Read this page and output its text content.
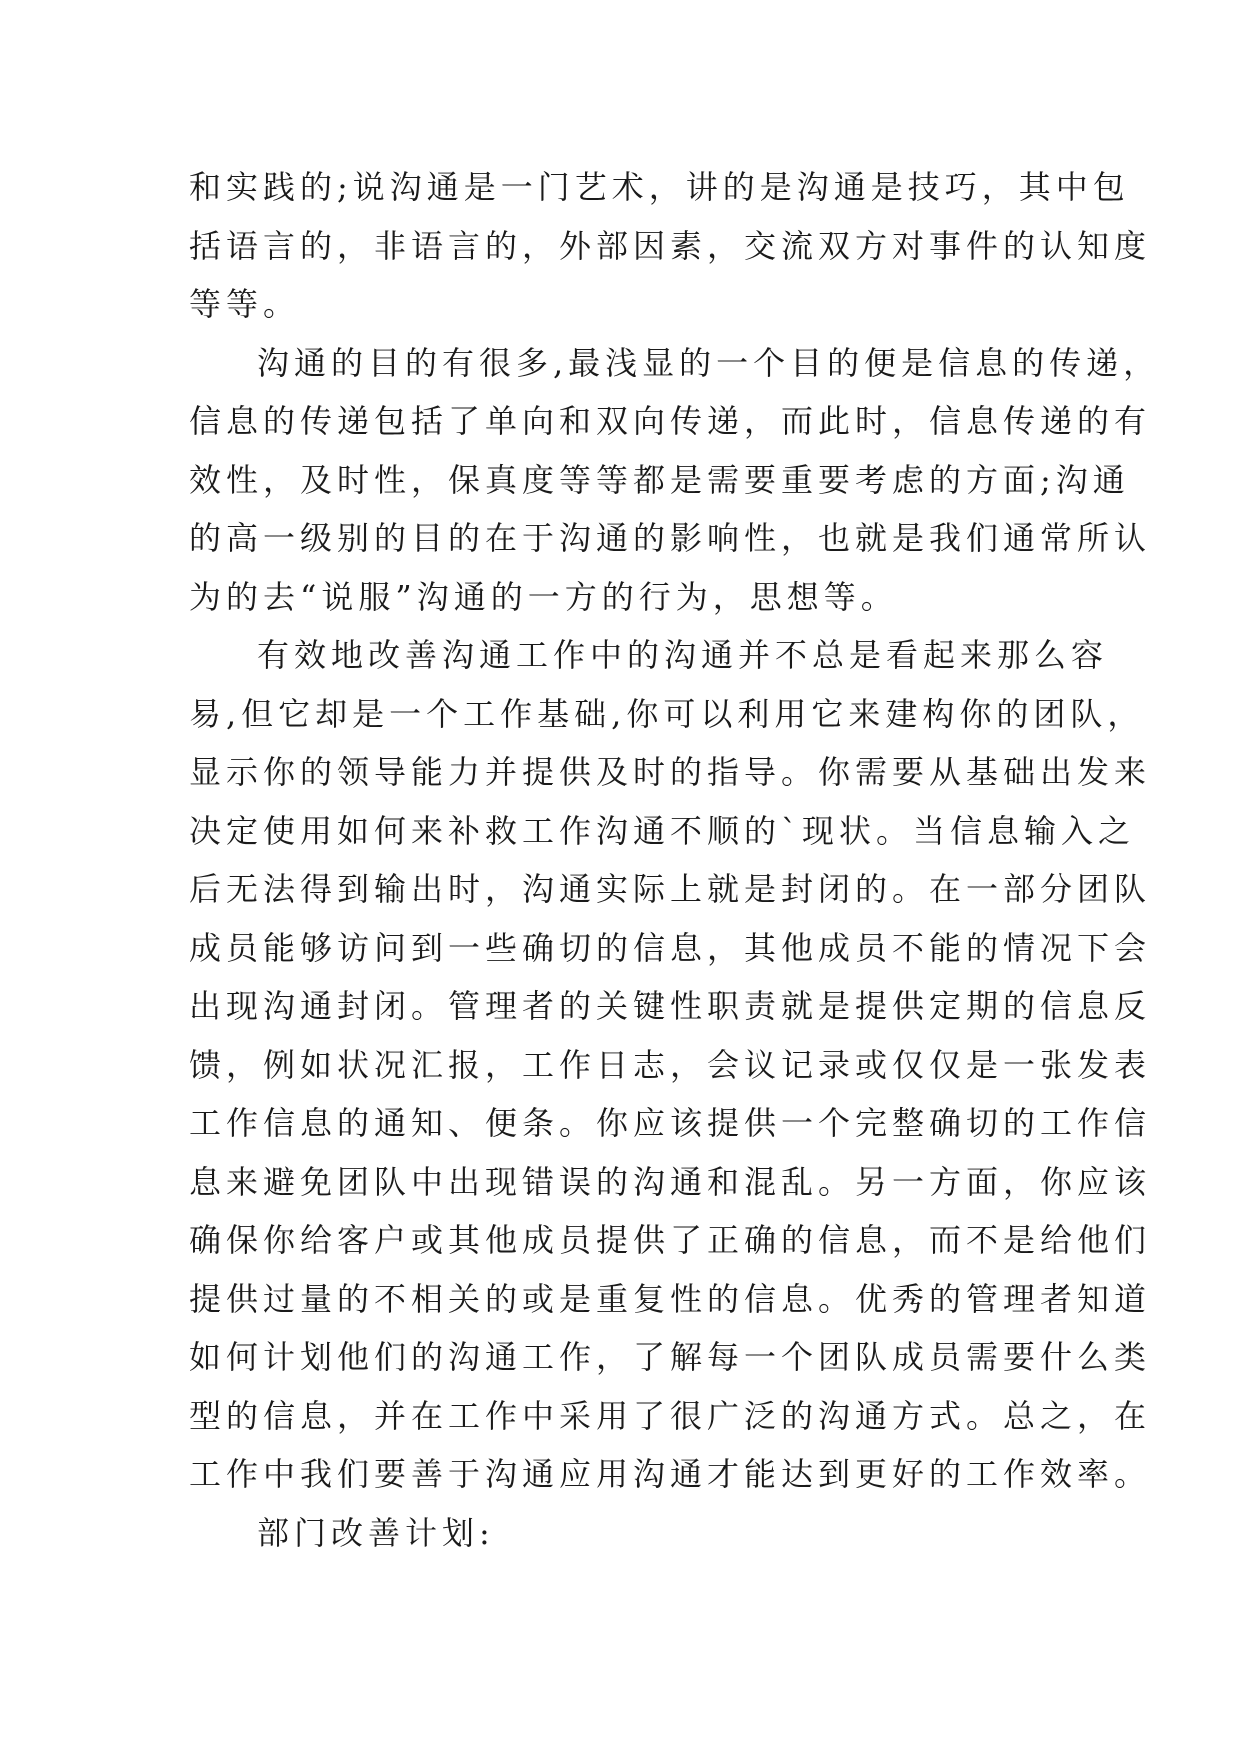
和实践的;说沟通是一门艺术，讲的是沟通是技巧，其中包
括语言的，非语言的，外部因素，交流双方对事件的认知度
等等。
沟通的目的有很多,最浅显的一个目的便是信息的传递，
信息的传递包括了单向和双向传递，而此时，信息传递的有
效性，及时性，保真度等等都是需要重要考虑的方面;沟通
的高一级别的目的在于沟通的影响性，也就是我们通常所认
为的去“说服”沟通的一方的行为，思想等。
有效地改善沟通工作中的沟通并不总是看起来那么容
易,但它却是一个工作基础,你可以利用它来建构你的团队，
显示你的领导能力并提供及时的指导。你需要从基础出发来
决定使用如何来补救工作沟通不顺的`现状。当信息输入之
后无法得到输出时，沟通实际上就是封闭的。在一部分团队
成员能够访问到一些确切的信息，其他成员不能的情况下会
出现沟通封闭。管理者的关键性职责就是提供定期的信息反
馈，例如状况汇报，工作日志，会议记录或仅仅是一张发表
工作信息的通知、便条。你应该提供一个完整确切的工作信
息来避免团队中出现错误的沟通和混乱。另一方面，你应该
确保你给客户或其他成员提供了正确的信息，而不是给他们
提供过量的不相关的或是重复性的信息。优秀的管理者知道
如何计划他们的沟通工作，了解每一个团队成员需要什么类
型的信息，并在工作中采用了很广泛的沟通方式。总之，在
工作中我们要善于沟通应用沟通才能达到更好的工作效率。
部门改善计划:
